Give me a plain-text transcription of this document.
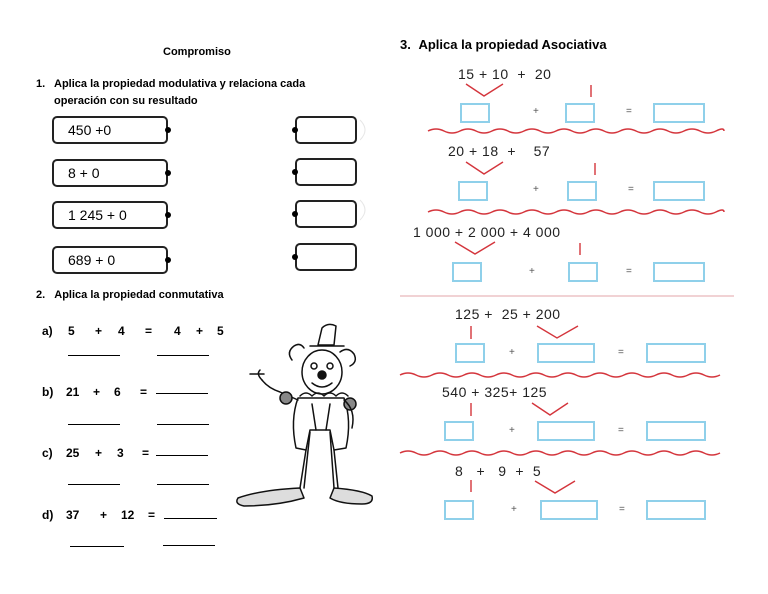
Compromiso
1. Aplica la propiedad modulativa y relaciona cada
operación con su resultado
450 +0
8 + 0
1 245 + 0
689 + 0
2. Aplica la propiedad conmutativa
a) 5 + 4 = 4 + 5
b) 21 + 6 =
c) 25 + 3 =
d) 37 + 12 =
3. Aplica la propiedad Asociativa
15 + 10  +  20
+	=
20 + 18  +    57
+	=
1 000 + 2 000 + 4 000
+	=
125 +  25 + 200
+	=
540 + 325+ 125
+	=
8   +   9  +  5
+	=
